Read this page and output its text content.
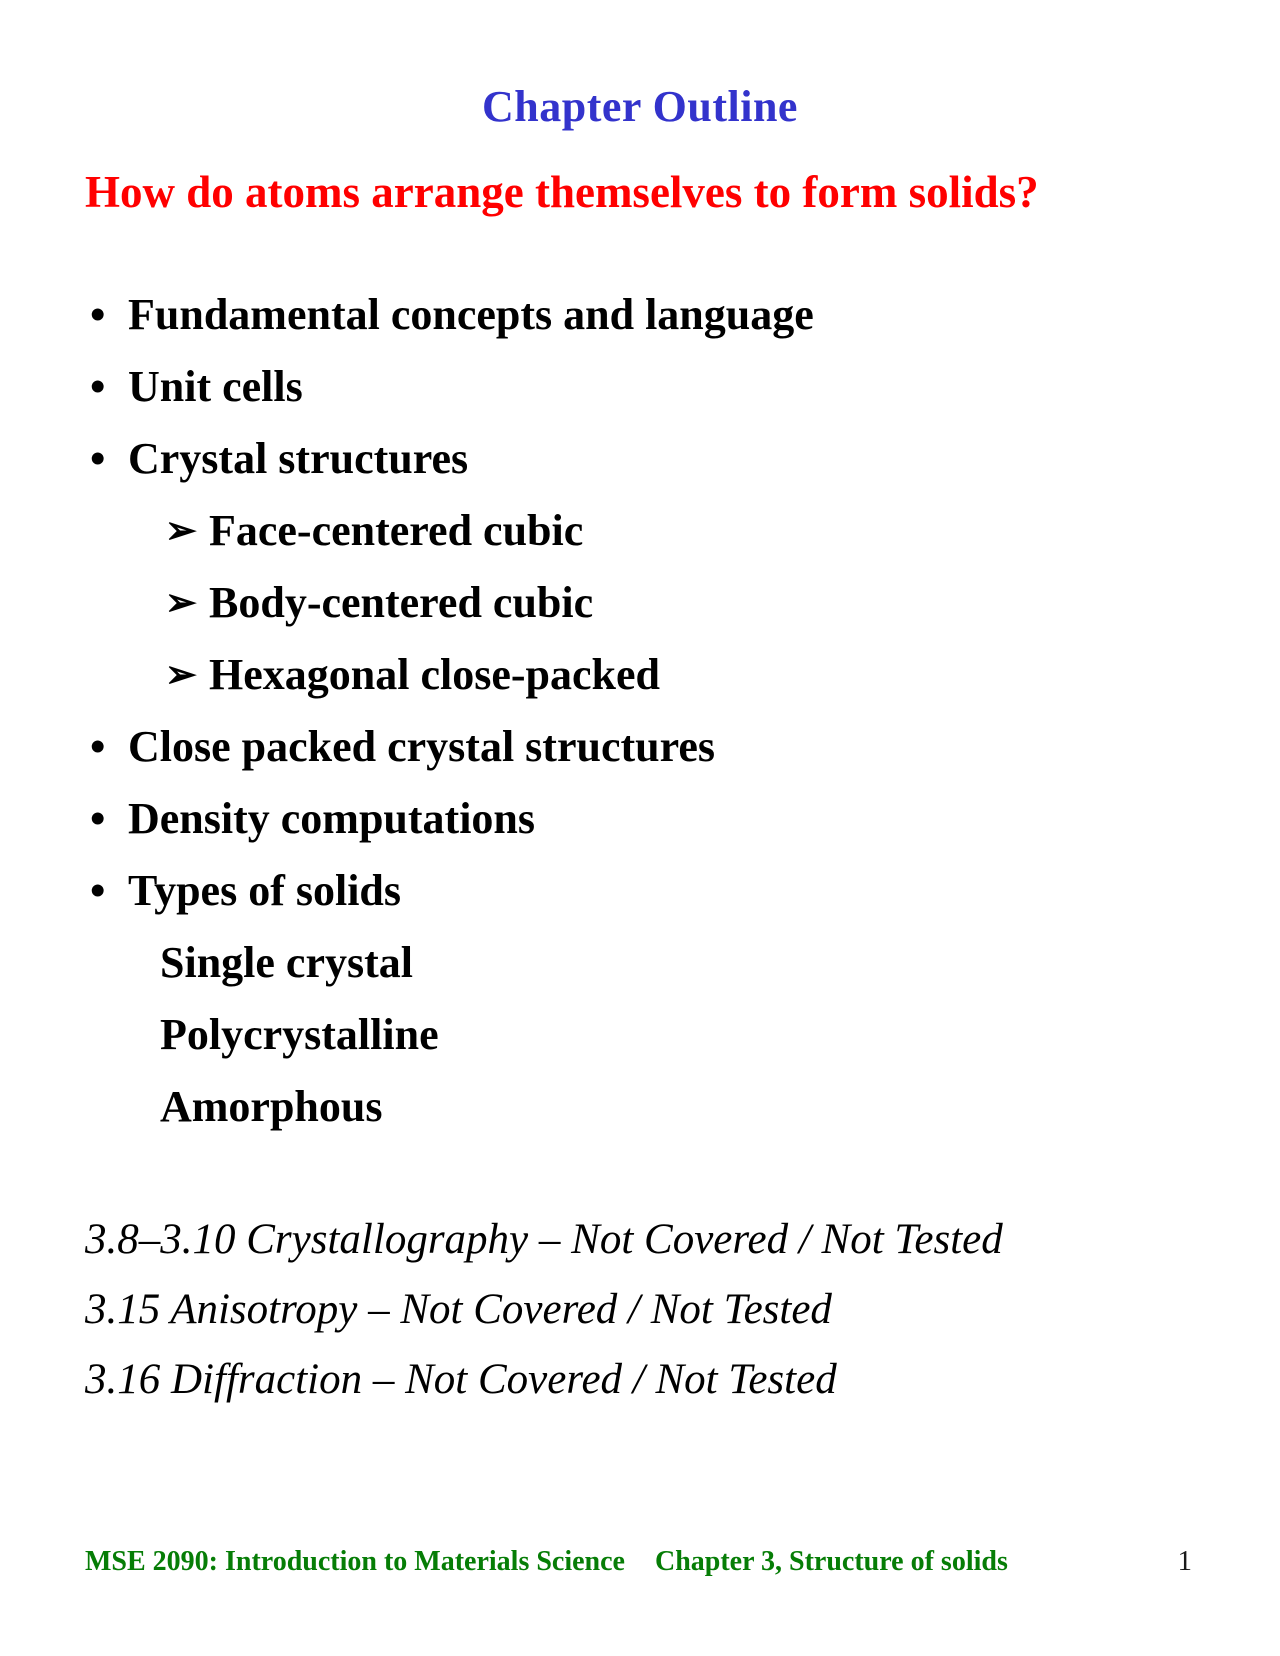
Chapter Outline
How do atoms arrange themselves to form solids?
• Fundamental concepts and language
• Unit cells
• Crystal structures
➢ Face-centered cubic
➢ Body-centered cubic
➢ Hexagonal close-packed
• Close packed crystal structures
• Density computations
• Types of solids
Single crystal
Polycrystalline
Amorphous
3.8–3.10 Crystallography – Not Covered / Not Tested
3.15 Anisotropy – Not Covered / Not Tested
3.16 Diffraction – Not Covered / Not Tested
MSE 2090: Introduction to Materials Science Chapter 3, Structure of solids	1
